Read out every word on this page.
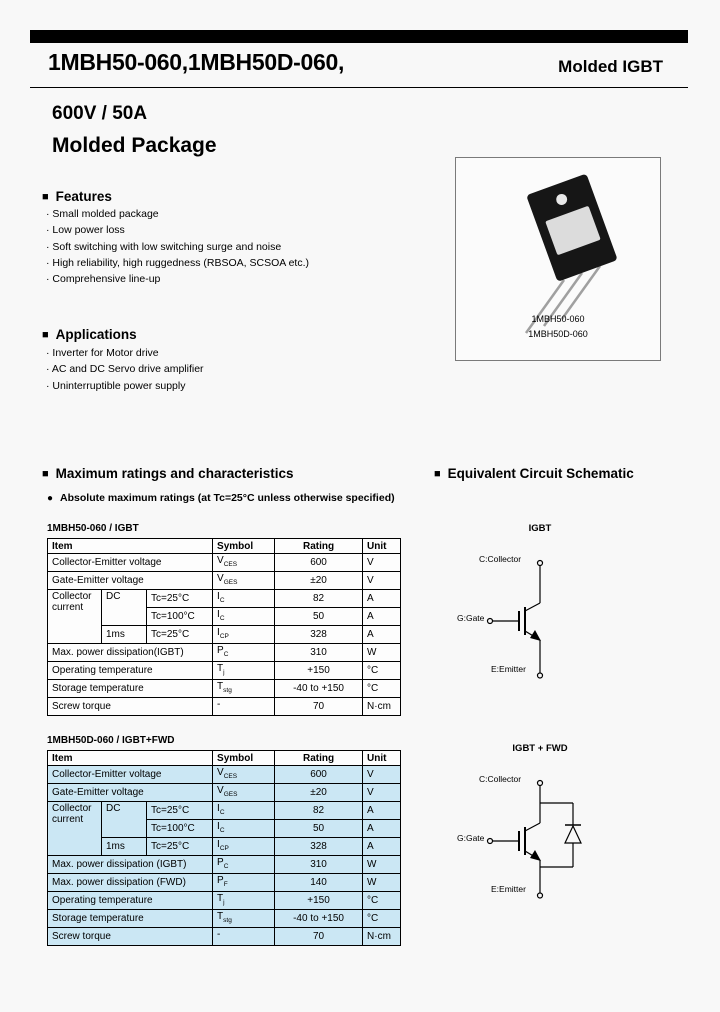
1MBH50-060,1MBH50D-060,	Molded IGBT
600V / 50A
Molded Package
■ Features
· Small molded package
· Low power loss
· Soft switching with low switching surge and noise
· High reliability, high ruggedness (RBSOA, SCSOA etc.)
· Comprehensive line-up
■ Applications
· Inverter for Motor drive
· AC and DC Servo drive amplifier
· Uninterruptible power supply
1MBH50-060
1MBH50D-060
■ Maximum ratings and characteristics	■ Equivalent Circuit Schematic
● Absolute maximum ratings (at Tc=25°C unless otherwise specified)
1MBH50-060 / IGBT
Item			Symbol	Rating	Unit
Collector-Emitter voltage			$V_{CES}$	600	V
Gate-Emitter voltage			$V_{GES}$	±20	V
Collector current	DC	Tc=25°C	$I_C$	82	A
		Tc=100°C	$I_C$	50	A
	1ms	Tc=25°C	$I_{CP}$	328	A
Max. power dissipation(IGBT)			$P_C$	310	W
Operating temperature			$T_j$	+150	°C
Storage temperature			$T_{stg}$	-40 to +150	°C
Screw torque			-	70	N·cm
1MBH50D-060 / IGBT+FWD
Item			Symbol	Rating	Unit
Collector-Emitter voltage			$V_{CES}$	600	V
Gate-Emitter voltage			$V_{GES}$	±20	V
Collector current	DC	Tc=25°C	$I_C$	82	A
		Tc=100°C	$I_C$	50	A
	1ms	Tc=25°C	$I_{CP}$	328	A
Max. power dissipation (IGBT)			$P_C$	310	W
Max. power dissipation (FWD)			$P_F$	140	W
Operating temperature			$T_j$	+150	°C
Storage temperature			$T_{stg}$	-40 to +150	°C
Screw torque			-	70	N·cm
IGBT
C:Collector
G:Gate
E:Emitter
IGBT + FWD
C:Collector
G:Gate
E:Emitter
